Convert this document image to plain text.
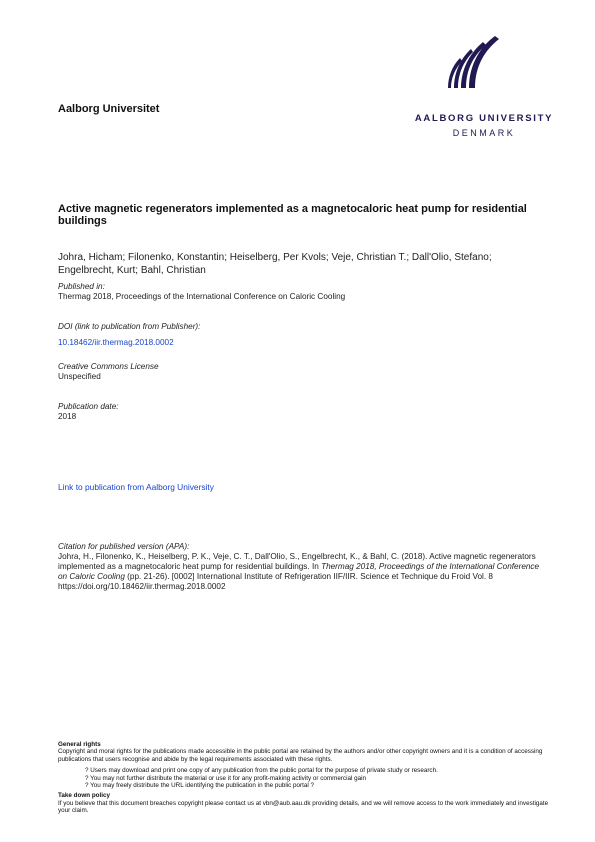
Aalborg Universitet
AALBORG UNIVERSITY
DENMARK
Active magnetic regenerators implemented as a magnetocaloric heat pump for residential buildings
Johra, Hicham; Filonenko, Konstantin; Heiselberg, Per Kvols; Veje, Christian T.; Dall'Olio, Stefano; Engelbrecht, Kurt; Bahl, Christian
Published in:
Thermag 2018, Proceedings of the International Conference on Caloric Cooling
DOI (link to publication from Publisher):
10.18462/iir.thermag.2018.0002
Creative Commons License
Unspecified
Publication date:
2018
Link to publication from Aalborg University
Citation for published version (APA):
Johra, H., Filonenko, K., Heiselberg, P. K., Veje, C. T., Dall'Olio, S., Engelbrecht, K., & Bahl, C. (2018). Active magnetic regenerators implemented as a magnetocaloric heat pump for residential buildings. In Thermag 2018, Proceedings of the International Conference on Caloric Cooling (pp. 21-26). [0002] International Institute of Refrigeration IIF/IIR. Science et Technique du Froid Vol. 8 https://doi.org/10.18462/iir.thermag.2018.0002
General rights
Copyright and moral rights for the publications made accessible in the public portal are retained by the authors and/or other copyright owners and it is a condition of accessing publications that users recognise and abide by the legal requirements associated with these rights.
? Users may download and print one copy of any publication from the public portal for the purpose of private study or research.
? You may not further distribute the material or use it for any profit-making activity or commercial gain
? You may freely distribute the URL identifying the publication in the public portal ?
Take down policy
If you believe that this document breaches copyright please contact us at vbn@aub.aau.dk providing details, and we will remove access to the work immediately and investigate your claim.
